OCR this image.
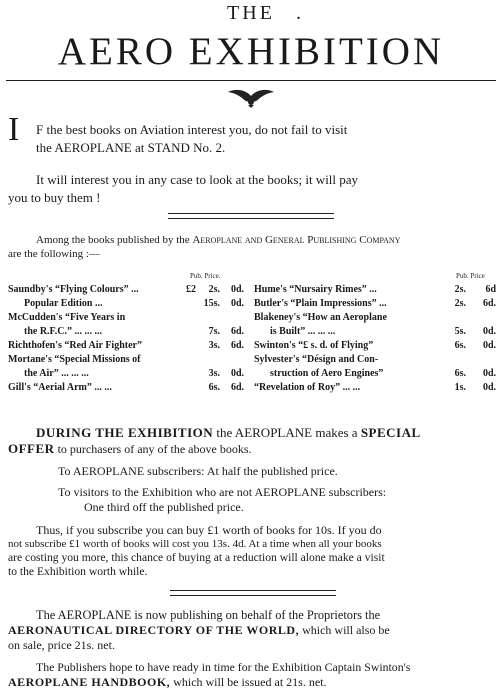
THE .
AERO EXHIBITION
I F the best books on Aviation interest you, do not fail to visit
the AEROPLANE at STAND No. 2.
It will interest you in any case to look at the books; it will pay
you to buy them !
Among the books published by the Aeroplane and General Publishing Company
are the following :—
Pub. Price.	Pub. Price
Saundby's “Flying Colours” ...	£2	2s.	0d.
Popular Edition ...		15s.	0d.
McCudden's “Five Years in			
the R.F.C.” ... ... ...		7s.	6d.
Richthofen's “Red Air Fighter”		3s.	6d.
Mortane's “Special Missions of			
the Air” ... ... ...		3s.	0d.
Gill's “Aerial Arm” ... ...		6s.	6d.
Hume's “Nursairy Rimes” ...	2s.	6d
Butler's “Plain Impressions” ...	2s.	6d.
Blakeney's “How an Aeroplane		
is Built” ... ... ...	5s.	0d.
Swinton's “£ s. d. of Flying”	6s.	0d.
Sylvester's “Désign and Con-		
struction of Aero Engines”	6s.	0d.
“Revelation of Roy” ... ...	1s.	0d.
DURING THE EXHIBITION the AEROPLANE makes a SPECIAL
OFFER to purchasers of any of the above books.
To AEROPLANE subscribers: At half the published price.
To visitors to the Exhibition who are not AEROPLANE subscribers:
One third off the published price.
Thus, if you subscribe you can buy £1 worth of books for 10s. If you do
not subscribe £1 worth of books will cost you 13s. 4d. At a time when all your books
are costing you more, this chance of buying at a reduction will alone make a visit
to the Exhibition worth while.
The AEROPLANE is now publishing on behalf of the Proprietors the
AERONAUTICAL DIRECTORY OF THE WORLD, which will also be
on sale, price 21s. net.
The Publishers hope to have ready in time for the Exhibition Captain Swinton's
AEROPLANE HANDBOOK, which will be issued at 21s. net.
